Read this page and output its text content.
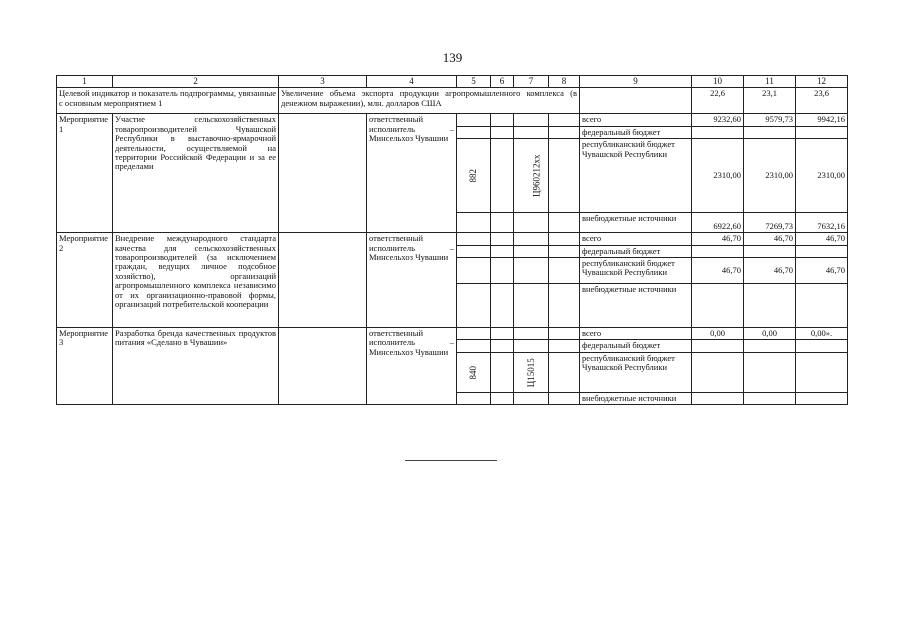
139
1	2	3	4	5	6	7	8	9	10	11	12
Целевой индикатор и показатель подпрограммы, увязанные с основным мероприятием 1		Увеличение объема экспорта продукции агропромышленного комплекса (в денежном выражении), млн. долларов США							22,6	23,1	23,6
Мероприятие 1	Участие сельскохозяйственных товаропроизводителей Чувашской Республики в выставочно-ярмарочной деятельности, осуществляемой на территории Российской Федерации и за ее пределами		ответственный исполнитель – Минсельхоз Чувашии					всего	9232,60	9579,73	9942,16
								федеральный бюджет			
				882		Ц960212хх		республиканский бюджет Чувашской Республики	2310,00	2310,00	2310,00
								внебюджетные источники	6922,60	7269,73	7632,16
Мероприятие 2	Внедрение международного стандарта качества для сельскохозяйственных товаропроизводителей (за исключением граждан, ведущих личное подсобное хозяйство), организаций агропромышленного комплекса независимо от их организационно-правовой формы, организаций потребительской кооперации		ответственный исполнитель – Минсельхоз Чувашии					всего	46,70	46,70	46,70
								федеральный бюджет			
								республиканский бюджет Чувашской Республики	46,70	46,70	46,70
								внебюджетные источники			
Мероприятие 3	Разработка бренда качественных продуктов питания «Сделано в Чувашии»		ответственный исполнитель – Минсельхоз Чувашии					всего	0,00	0,00	0,00».
								федеральный бюджет			
				840		Ц15015		республиканский бюджет Чувашской Республики			
								внебюджетные источники			
